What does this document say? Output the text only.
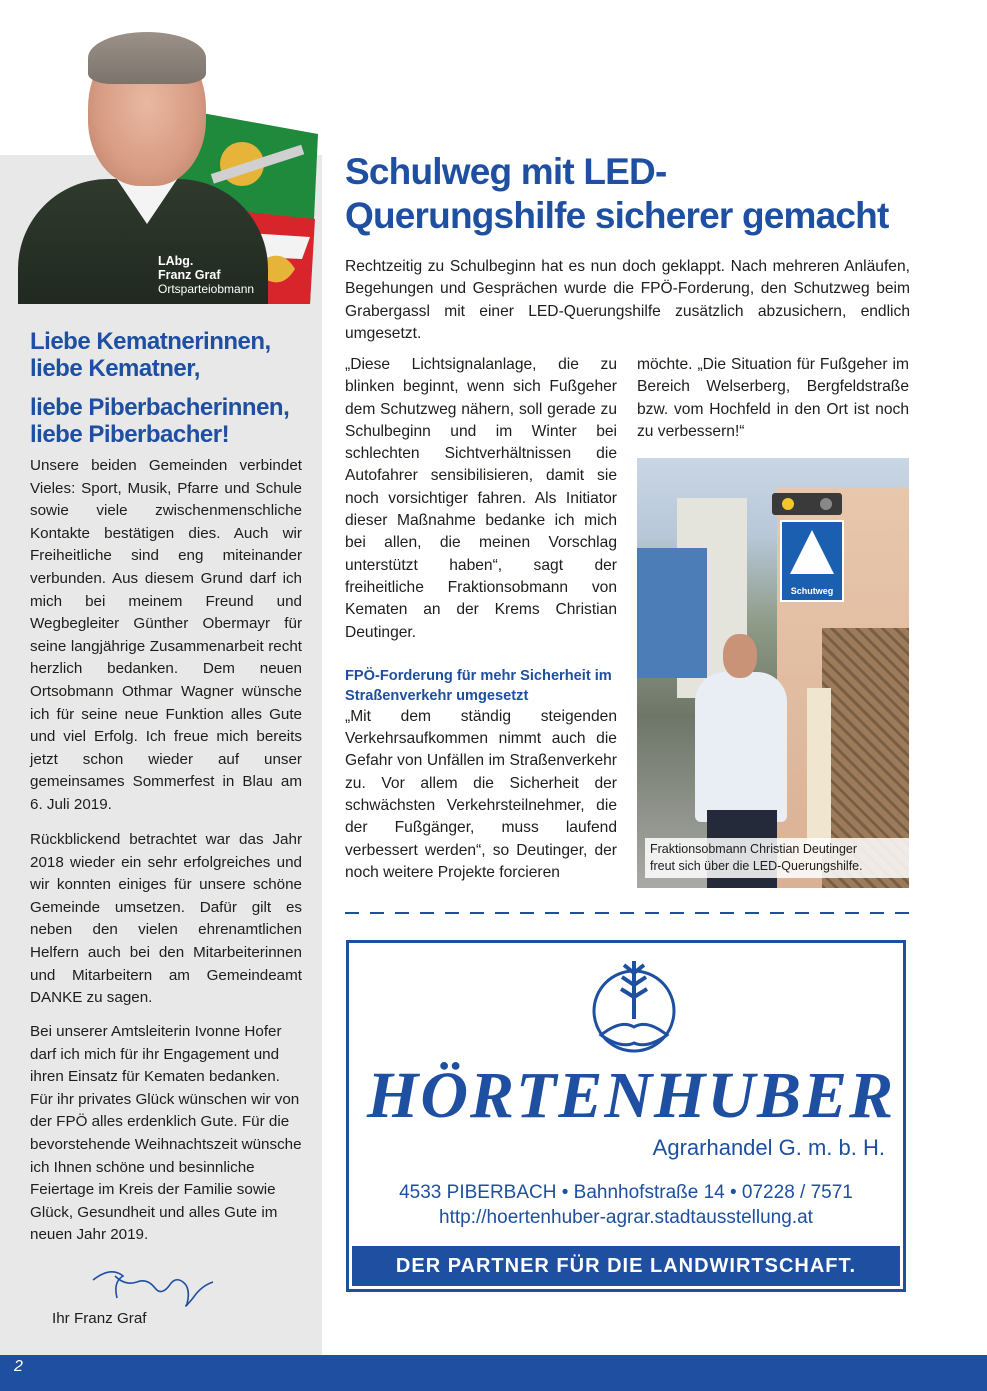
LAbg.
Franz Graf
Ortsparteiobmann
Liebe Kematnerinnen,
liebe Kematner,
liebe Piberbacherinnen,
liebe Piberbacher!
Unsere beiden Gemeinden verbindet Vieles: Sport, Musik, Pfarre und Schule sowie viele zwischenmenschliche Kontakte bestätigen dies. Auch wir Freiheitliche sind eng miteinander verbunden. Aus diesem Grund darf ich mich bei meinem Freund und Wegbegleiter Günther Obermayr für seine langjährige Zusammenarbeit recht herzlich bedanken. Dem neuen Ortsobmann Othmar Wagner wünsche ich für seine neue Funktion alles Gute und viel Erfolg. Ich freue mich bereits jetzt schon wieder auf unser gemeinsames Sommerfest in Blau am 6. Juli 2019.
Rückblickend betrachtet war das Jahr 2018 wieder ein sehr erfolgreiches und wir konnten einiges für unsere schöne Gemeinde umsetzen. Dafür gilt es neben den vielen ehrenamtlichen Helfern auch bei den Mitarbeiterinnen und Mitarbeitern am Gemeindeamt DANKE zu sagen.
Bei unserer Amtsleiterin Ivonne Hofer darf ich mich für ihr Engagement und ihren Einsatz für Kematen bedanken. Für ihr privates Glück wünschen wir von der FPÖ alles erdenklich Gute. Für die bevorstehende Weihnachtszeit wünsche ich Ihnen schöne und besinnliche Feiertage im Kreis der Familie sowie Glück, Gesundheit und alles Gute im neuen Jahr 2019.
Ihr Franz Graf
Schulweg mit LED-
Querungshilfe sicherer gemacht
Rechtzeitig zu Schulbeginn hat es nun doch geklappt. Nach mehreren Anläufen, Begehungen und Gesprächen wurde die FPÖ-Forderung, den Schutzweg beim Grabergassl mit einer LED-Querungshilfe zusätzlich abzusichern, endlich umgesetzt.
„Diese Lichtsignalanlage, die zu blinken beginnt, wenn sich Fußgeher dem Schutzweg nähern, soll gerade zu Schulbeginn und im Winter bei schlechten Sichtverhältnissen die Autofahrer sensibilisieren, damit sie noch vorsichtiger fahren. Als Initiator dieser Maßnahme bedanke ich mich bei allen, die meinen Vorschlag unterstützt haben“, sagt der freiheitliche Fraktionsobmann von Kematen an der Krems Christian Deutinger.
FPÖ-Forderung für mehr Sicherheit im Straßenverkehr umgesetzt
„Mit dem ständig steigenden Verkehrsaufkommen nimmt auch die Gefahr von Unfällen im Straßenverkehr zu. Vor allem die Sicherheit der schwächsten Verkehrsteilnehmer, die der Fußgänger, muss laufend verbessert werden“, so Deutinger, der noch weitere Projekte forcieren
möchte. „Die Situation für Fußgeher im Bereich Welserberg, Bergfeldstraße bzw. vom Hochfeld in den Ort ist noch zu verbessern!“
Schutweg
Fraktionsobmann Christian Deutinger
freut sich über die LED-Querungshilfe.
HÖRTENHUBER
Agrarhandel G. m. b. H.
4533 PIBERBACH • Bahnhofstraße 14 • 07228 / 7571
http://hoertenhuber-agrar.stadtausstellung.at
DER PARTNER FÜR DIE LANDWIRTSCHAFT.
2
